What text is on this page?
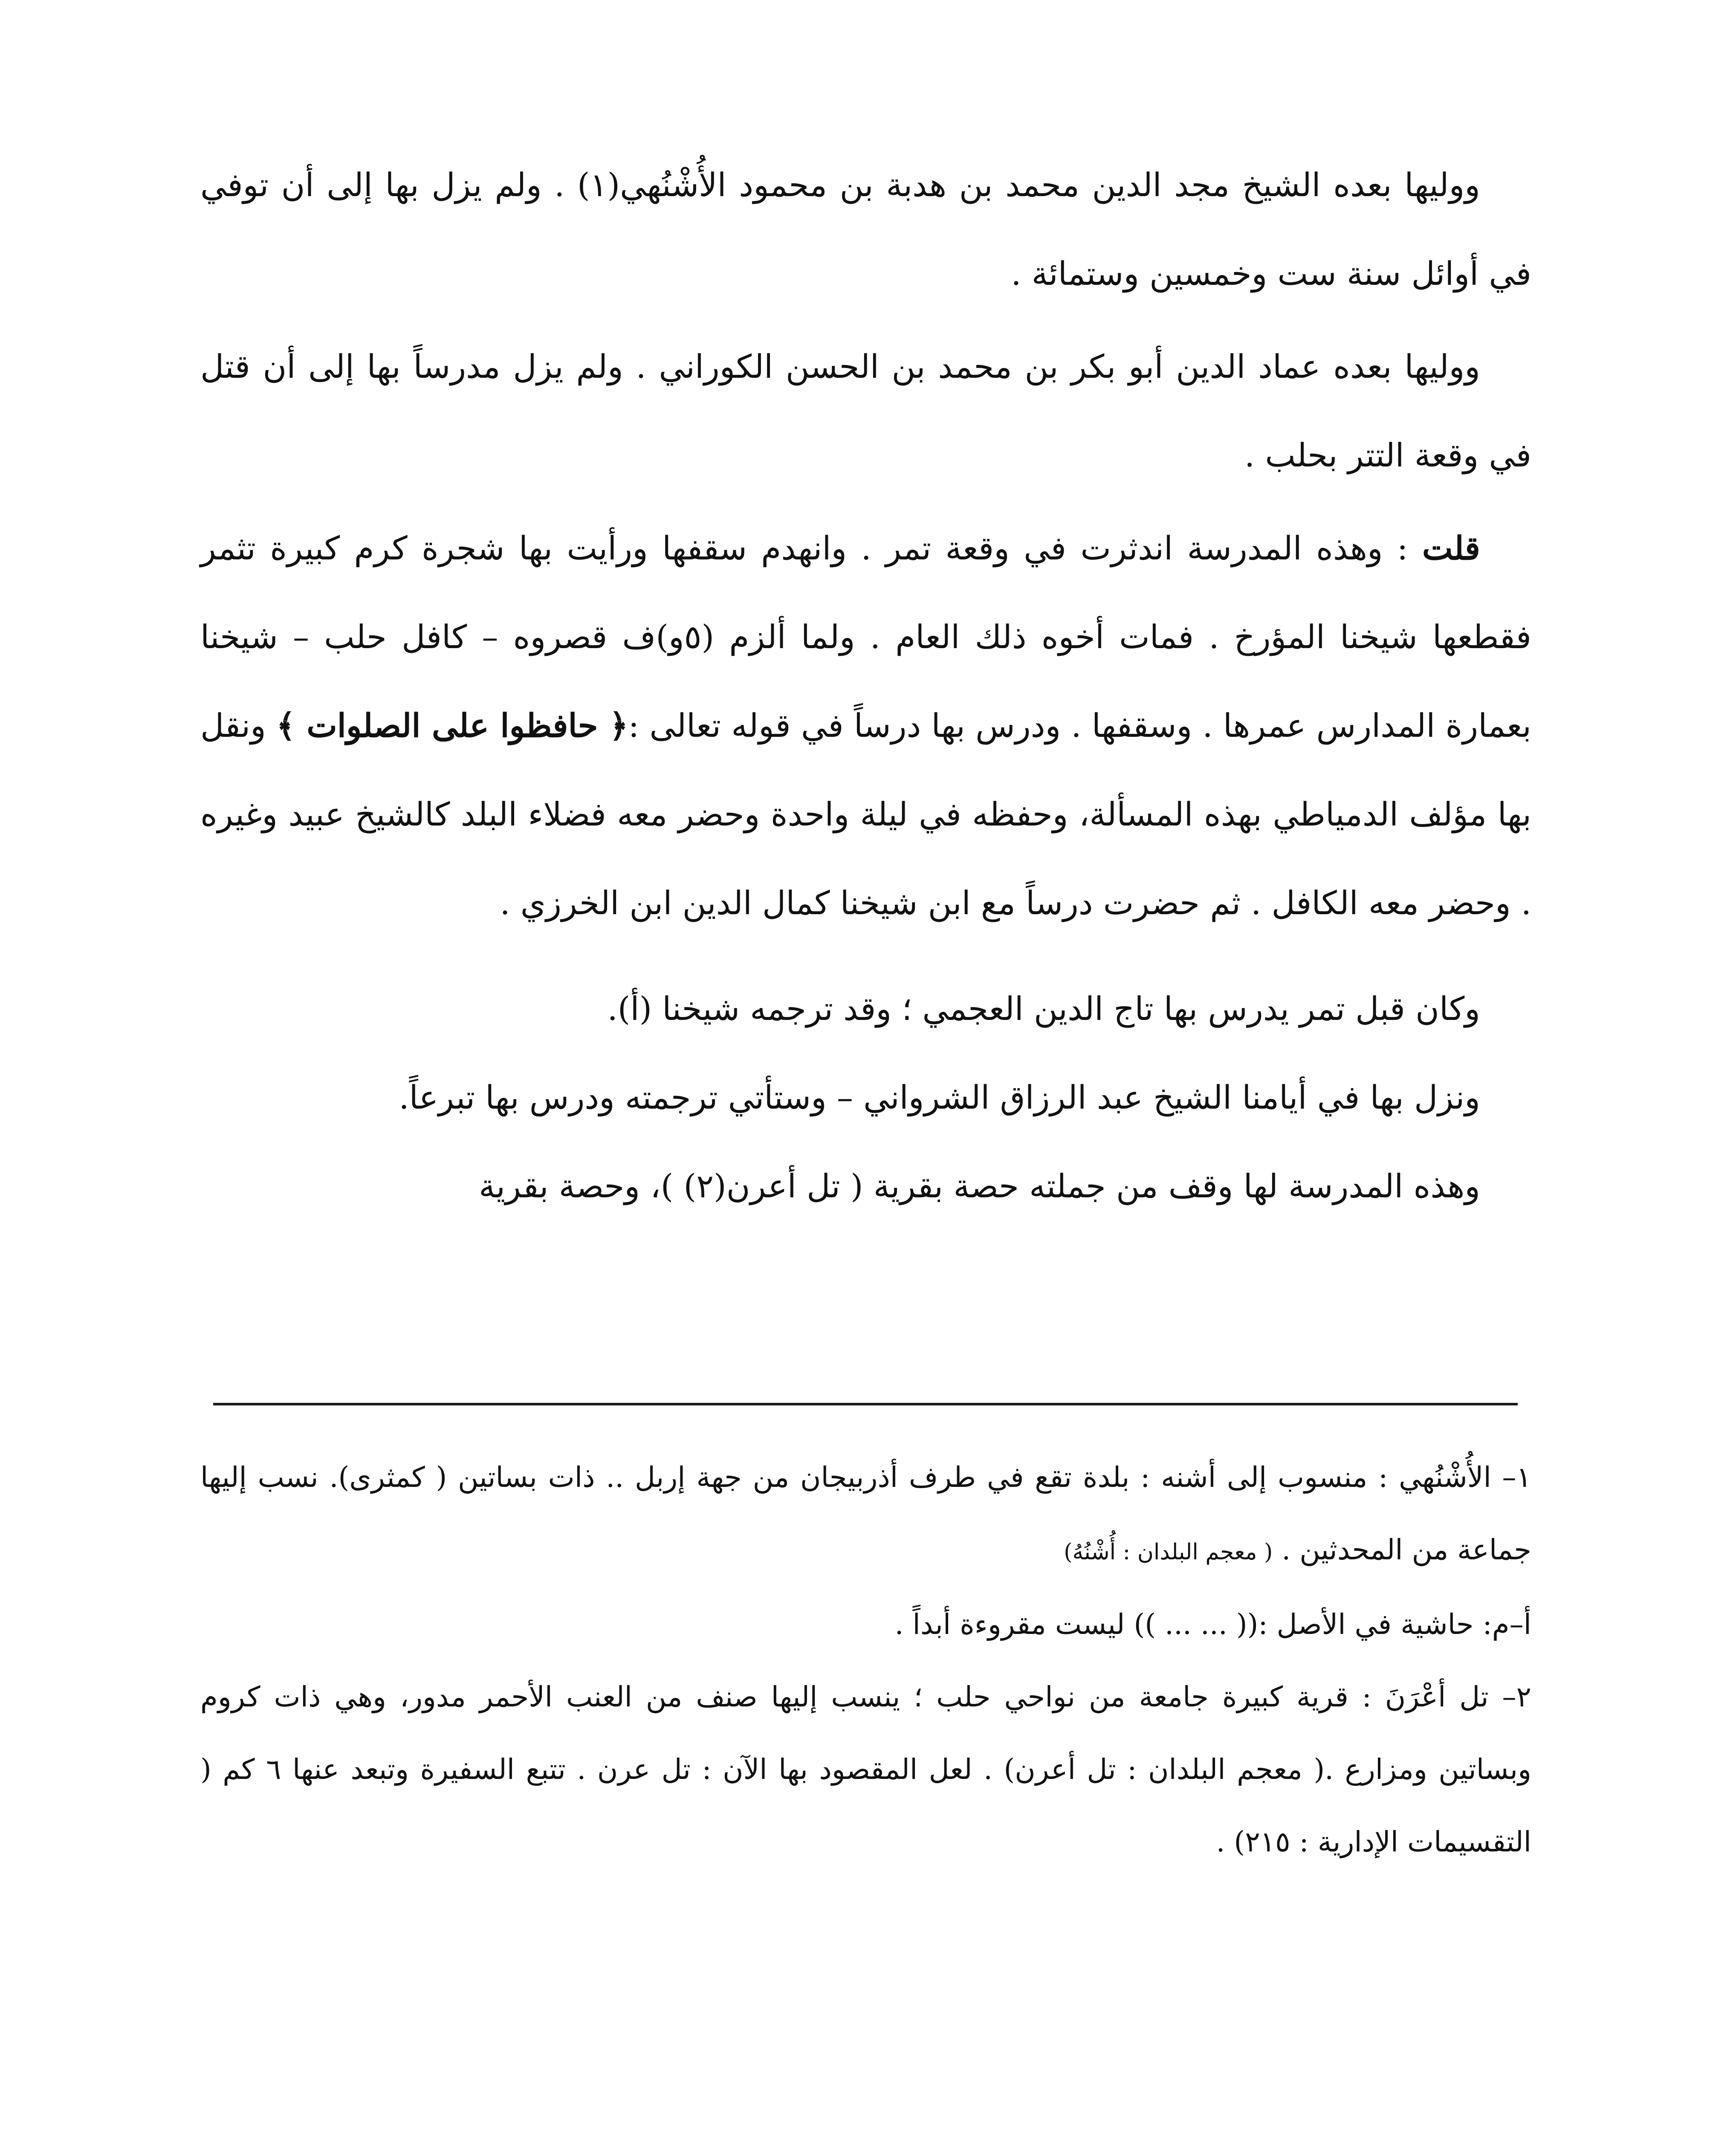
ووليها بعده الشيخ مجد الدين محمد بن هدبة بن محمود الأُشْنُهي(١) . ولم يزل بها إلى أن توفي في أوائل سنة ست وخمسين وستمائة .

ووليها بعده عماد الدين أبو بكر بن محمد بن الحسن الكوراني . ولم يزل مدرساً بها إلى أن قتل في وقعة التتر بحلب .

قلت : وهذه المدرسة اندثرت في وقعة تمر . وانهدم سقفها ورأيت بها شجرة كرم كبيرة تثمر فقطعها شيخنا المؤرخ . فمات أخوه ذلك العام . ولما ألزم (٥و)ف قصروه – كافل حلب – شيخنا بعمارة المدارس عمرها . وسقفها . ودرس بها درساً في قوله تعالى :﴿ حافظوا على الصلوات ﴾ ونقل بها مؤلف الدمياطي بهذه المسألة، وحفظه في ليلة واحدة وحضر معه فضلاء البلد كالشيخ عبيد وغيره . وحضر معه الكافل . ثم حضرت درساً مع ابن شيخنا كمال الدين ابن الخرزي .

وكان قبل تمر يدرس بها تاج الدين العجمي ؛ وقد ترجمه شيخنا (أ).

ونزل بها في أيامنا الشيخ عبد الرزاق الشرواني – وستأتي ترجمته ودرس بها تبرعاً.

وهذه المدرسة لها وقف من جملته حصة بقرية ( تل أعرن(٢) )، وحصة بقرية

١– الأُشْنُهي : منسوب إلى أشنه : بلدة تقع في طرف أذربيجان من جهة إربل .. ذات بساتين ( كمثرى). نسب إليها جماعة من المحدثين . ( معجم البلدان : أُشْنُهُ)

أ–م: حاشية في الأصل :(( ... ... )) ليست مقروءة أبداً .

٢– تل أعْرَنَ : قرية كبيرة جامعة من نواحي حلب ؛ ينسب إليها صنف من العنب الأحمر مدور، وهي ذات كروم وبساتين ومزارع .( معجم البلدان : تل أعرن) . لعل المقصود بها الآن : تل عرن . تتبع السفيرة وتبعد عنها ٦ كم ( التقسيمات الإدارية : ٢١٥) .
